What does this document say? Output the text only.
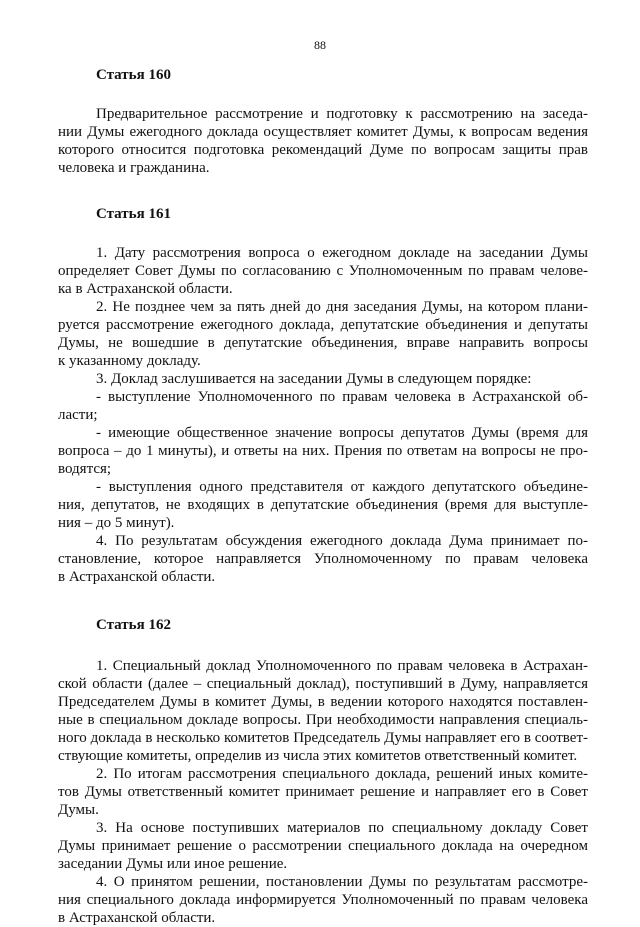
88
Статья 160
Предварительное рассмотрение и подготовку к рассмотрению на заседа-
нии Думы ежегодного доклада осуществляет комитет Думы, к вопросам ведения
которого относится подготовка рекомендаций Думе по вопросам защиты прав
человека и гражданина.
Статья 161
1. Дату рассмотрения вопроса о ежегодном докладе на заседании Думы
определяет Совет Думы по согласованию с Уполномоченным по правам челове-
ка в Астраханской области.
2. Не позднее чем за пять дней до дня заседания Думы, на котором плани-
руется рассмотрение ежегодного доклада, депутатские объединения и депутаты
Думы, не вошедшие в депутатские объединения, вправе направить вопросы
к указанному докладу.
3. Доклад заслушивается на заседании Думы в следующем порядке:
- выступление Уполномоченного по правам человека в Астраханской об-
ласти;
- имеющие общественное значение вопросы депутатов Думы (время для
вопроса – до 1 минуты), и ответы на них. Прения по ответам на вопросы не про-
водятся;
- выступления одного представителя от каждого депутатского объедине-
ния, депутатов, не входящих в депутатские объединения (время для выступле-
ния – до 5 минут).
4. По результатам обсуждения ежегодного доклада Дума принимает по-
становление, которое направляется Уполномоченному по правам человека
в Астраханской области.
Статья 162
1. Специальный доклад Уполномоченного по правам человека в Астрахан-
ской области (далее – специальный доклад), поступивший в Думу, направляется
Председателем Думы в комитет Думы, в ведении которого находятся поставлен-
ные в специальном докладе вопросы. При необходимости направления специаль-
ного доклада в несколько комитетов Председатель Думы направляет его в соответ-
ствующие комитеты, определив из числа этих комитетов ответственный комитет.
2. По итогам рассмотрения специального доклада, решений иных комите-
тов Думы ответственный комитет принимает решение и направляет его в Совет
Думы.
3. На основе поступивших материалов по специальному докладу Совет
Думы принимает решение о рассмотрении специального доклада на очередном
заседании Думы или иное решение.
4. О принятом решении, постановлении Думы по результатам рассмотре-
ния специального доклада информируется Уполномоченный по правам человека
в Астраханской области.
